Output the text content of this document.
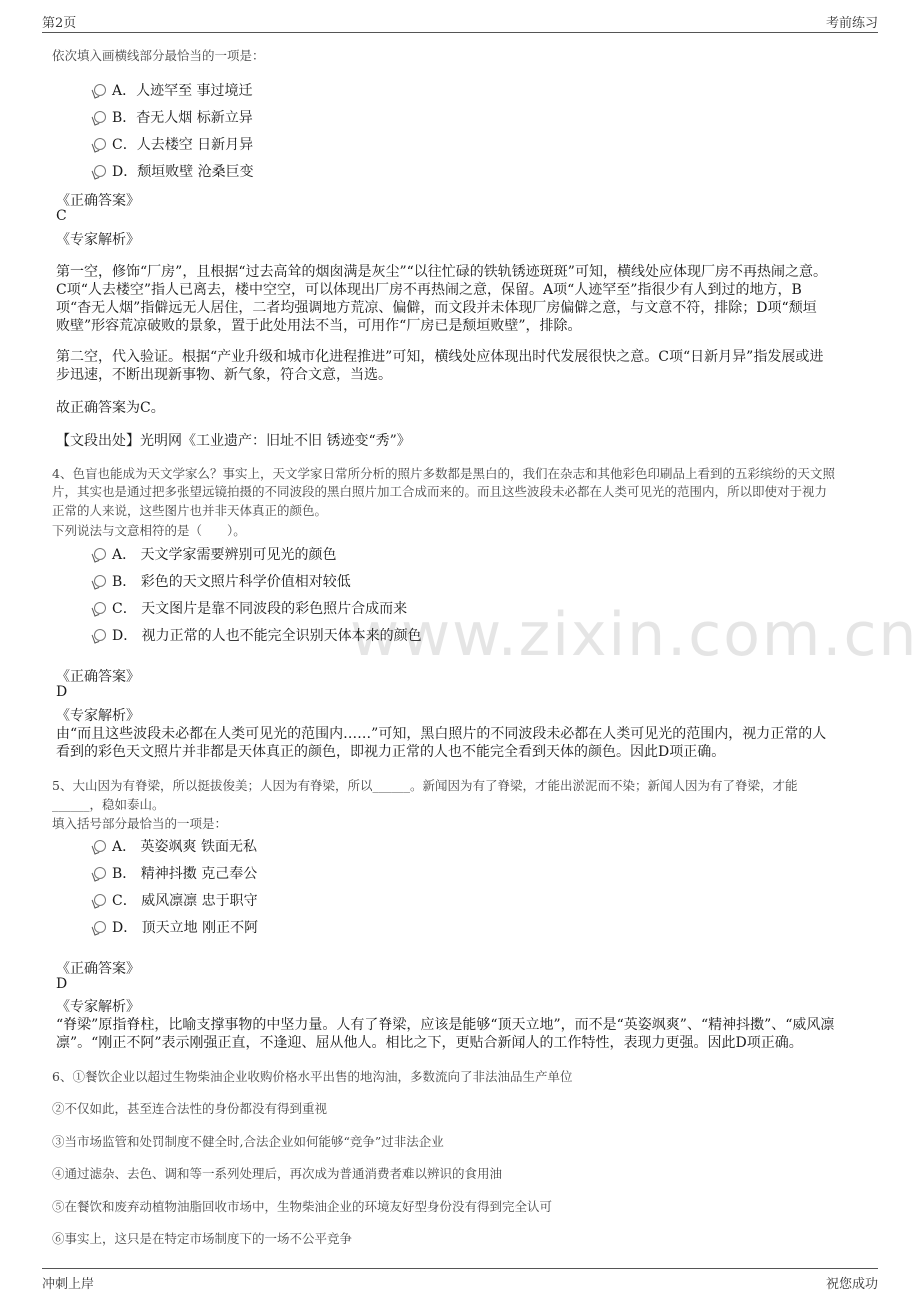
第2页	考前练习
www.zixin.com.cn
依次填入画横线部分最恰当的一项是：
A．人迹罕至 事过境迁
B．杳无人烟 标新立异
C．人去楼空 日新月异
D．颓垣败壁 沧桑巨变
《正确答案》
C
《专家解析》
第一空，修饰“厂房”，且根据“过去高耸的烟囱满是灰尘”“以往忙碌的铁轨锈迹斑斑”可知，横线处应体现厂房不再热闹之意。
C项“人去楼空”指人已离去，楼中空空，可以体现出厂房不再热闹之意，保留。A项“人迹罕至”指很少有人到过的地方，B
项“杳无人烟”指僻远无人居住，二者均强调地方荒凉、偏僻，而文段并未体现厂房偏僻之意，与文意不符，排除；D项“颓垣
败壁”形容荒凉破败的景象，置于此处用法不当，可用作“厂房已是颓垣败壁”，排除。
第二空，代入验证。根据“产业升级和城市化进程推进”可知，横线处应体现出时代发展很快之意。C项“日新月异”指发展或进
步迅速，不断出现新事物、新气象，符合文意，当选。
故正确答案为C。
【文段出处】光明网《工业遗产：旧址不旧 锈迹变“秀”》
4、色盲也能成为天文学家么？事实上，天文学家日常所分析的照片多数都是黑白的，我们在杂志和其他彩色印刷品上看到的五彩缤纷的天文照
片，其实也是通过把多张望远镜拍摄的不同波段的黑白照片加工合成而来的。而且这些波段未必都在人类可见光的范围内，所以即使对于视力
正常的人来说，这些图片也并非天体真正的颜色。
下列说法与文意相符的是（　　）。
A． 天文学家需要辨别可见光的颜色
B． 彩色的天文照片科学价值相对较低
C． 天文图片是靠不同波段的彩色照片合成而来
D． 视力正常的人也不能完全识别天体本来的颜色
《正确答案》
D
《专家解析》
由“而且这些波段未必都在人类可见光的范围内……”可知，黑白照片的不同波段未必都在人类可见光的范围内，视力正常的人
看到的彩色天文照片并非都是天体真正的颜色，即视力正常的人也不能完全看到天体的颜色。因此D项正确。
5、大山因为有脊梁，所以挺拔俊美；人因为有脊梁，所以______。新闻因为有了脊梁，才能出淤泥而不染；新闻人因为有了脊梁，才能
______，稳如泰山。
填入括号部分最恰当的一项是：
A． 英姿飒爽 铁面无私
B． 精神抖擞 克己奉公
C． 威风凛凛 忠于职守
D． 顶天立地 刚正不阿
《正确答案》
D
《专家解析》
“脊梁”原指脊柱，比喻支撑事物的中坚力量。人有了脊梁，应该是能够“顶天立地”，而不是“英姿飒爽”、“精神抖擞”、“威风凛
凛”。“刚正不阿”表示刚强正直，不逢迎、屈从他人。相比之下，更贴合新闻人的工作特性，表现力更强。因此D项正确。
6、①餐饮企业以超过生物柴油企业收购价格水平出售的地沟油，多数流向了非法油品生产单位
②不仅如此，甚至连合法性的身份都没有得到重视
③当市场监管和处罚制度不健全时,合法企业如何能够“竞争”过非法企业
④通过滤杂、去色、调和等一系列处理后，再次成为普通消费者难以辨识的食用油
⑤在餐饮和废弃动植物油脂回收市场中，生物柴油企业的环境友好型身份没有得到完全认可
⑥事实上，这只是在特定市场制度下的一场不公平竞争
冲刺上岸	祝您成功
